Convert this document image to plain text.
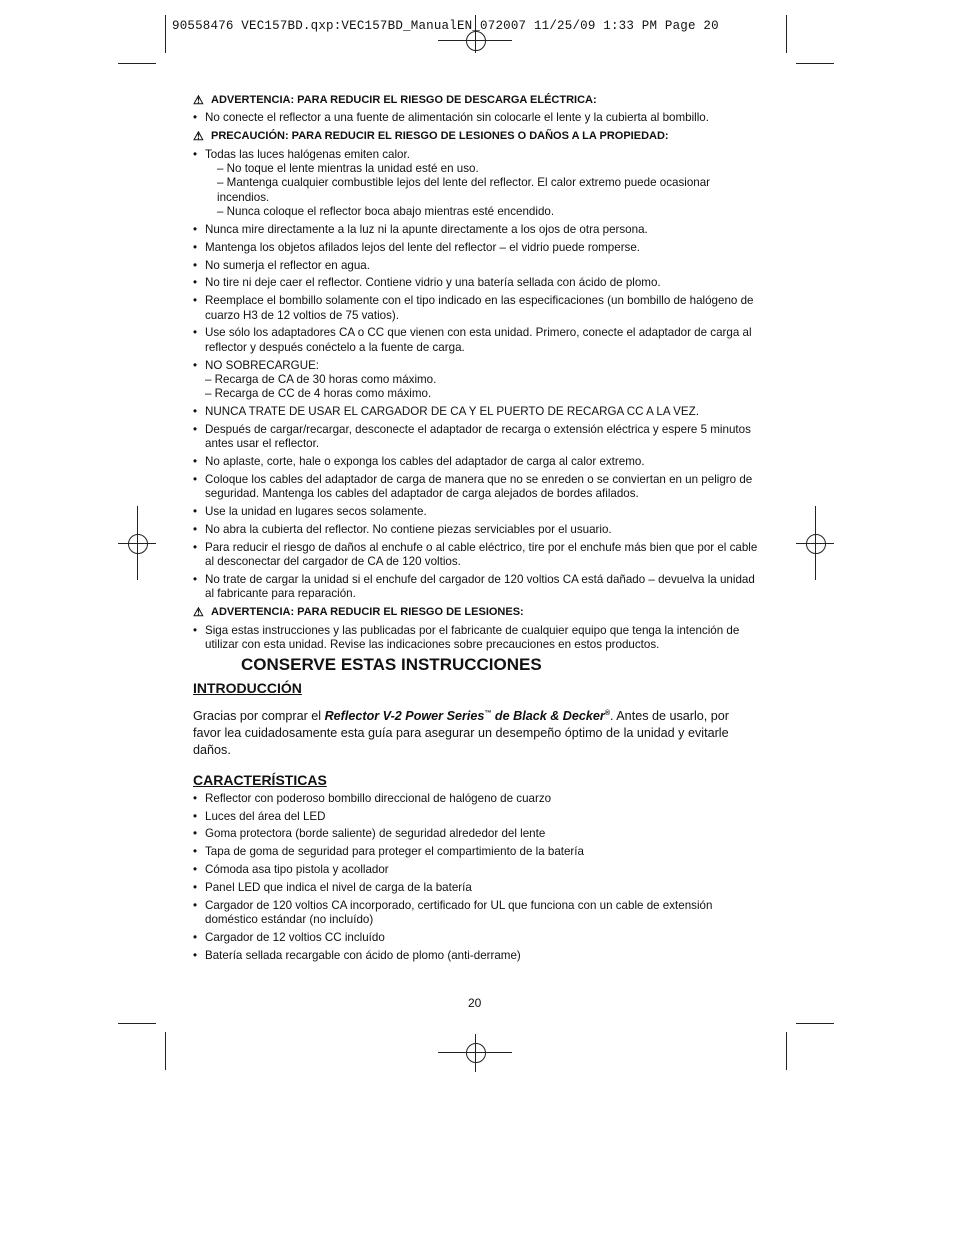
90558476 VEC157BD.qxp:VEC157BD_ManualEN_072007 11/25/09 1:33 PM Page 20
⚠ ADVERTENCIA: PARA REDUCIR EL RIESGO DE DESCARGA ELÉCTRICA:
• No conecte el reflector a una fuente de alimentación sin colocarle el lente y la cubierta al bombillo.
⚠ PRECAUCIÓN: PARA REDUCIR EL RIESGO DE LESIONES O DAÑOS A LA PROPIEDAD:
• Todas las luces halógenas emiten calor.
– No toque el lente mientras la unidad esté en uso.
– Mantenga cualquier combustible lejos del lente del reflector. El calor extremo puede ocasionar incendios.
– Nunca coloque el reflector boca abajo mientras esté encendido.
• Nunca mire directamente a la luz ni la apunte directamente a los ojos de otra persona.
• Mantenga los objetos afilados lejos del lente del reflector – el vidrio puede romperse.
• No sumerja el reflector en agua.
• No tire ni deje caer el reflector. Contiene vidrio y una batería sellada con ácido de plomo.
• Reemplace el bombillo solamente con el tipo indicado en las especificaciones (un bombillo de halógeno de cuarzo H3 de 12 voltios de 75 vatios).
• Use sólo los adaptadores CA o CC que vienen con esta unidad. Primero, conecte el adaptador de carga al reflector y después conéctelo a la fuente de carga.
• NO SOBRECARGUE:
– Recarga de CA de 30 horas como máximo.
– Recarga de CC de 4 horas como máximo.
• NUNCA TRATE DE USAR EL CARGADOR DE CA Y EL PUERTO DE RECARGA CC A LA VEZ.
• Después de cargar/recargar, desconecte el adaptador de recarga o extensión eléctrica y espere 5 minutos antes usar el reflector.
• No aplaste, corte, hale o exponga los cables del adaptador de carga al calor extremo.
• Coloque los cables del adaptador de carga de manera que no se enreden o se conviertan en un peligro de seguridad. Mantenga los cables del adaptador de carga alejados de bordes afilados.
• Use la unidad en lugares secos solamente.
• No abra la cubierta del reflector. No contiene piezas serviciables por el usuario.
• Para reducir el riesgo de daños al enchufe o al cable eléctrico, tire por el enchufe más bien que por el cable al desconectar del cargador de CA de 120 voltios.
• No trate de cargar la unidad si el enchufe del cargador de 120 voltios CA está dañado – devuelva la unidad al fabricante para reparación.
⚠ ADVERTENCIA: PARA REDUCIR EL RIESGO DE LESIONES:
• Siga estas instrucciones y las publicadas por el fabricante de cualquier equipo que tenga la intención de utilizar con esta unidad. Revise las indicaciones sobre precauciones en estos productos.
CONSERVE ESTAS INSTRUCCIONES
INTRODUCCIÓN

Gracias por comprar el Reflector V-2 Power Series™ de Black & Decker®. Antes de usarlo, por favor lea cuidadosamente esta guía para asegurar un desempeño óptimo de la unidad y evitarle daños.

CARACTERÍSTICAS
• Reflector con poderoso bombillo direccional de halógeno de cuarzo
• Luces del área del LED
• Goma protectora (borde saliente) de seguridad alrededor del lente
• Tapa de goma de seguridad para proteger el compartimiento de la batería
• Cómoda asa tipo pistola y acollador
• Panel LED que indica el nivel de carga de la batería
• Cargador de 120 voltios CA incorporado, certificado for UL que funciona con un cable de extensión doméstico estándar (no incluído)
• Cargador de 12 voltios CC incluído
• Batería sellada recargable con ácido de plomo (anti-derrame)
20
